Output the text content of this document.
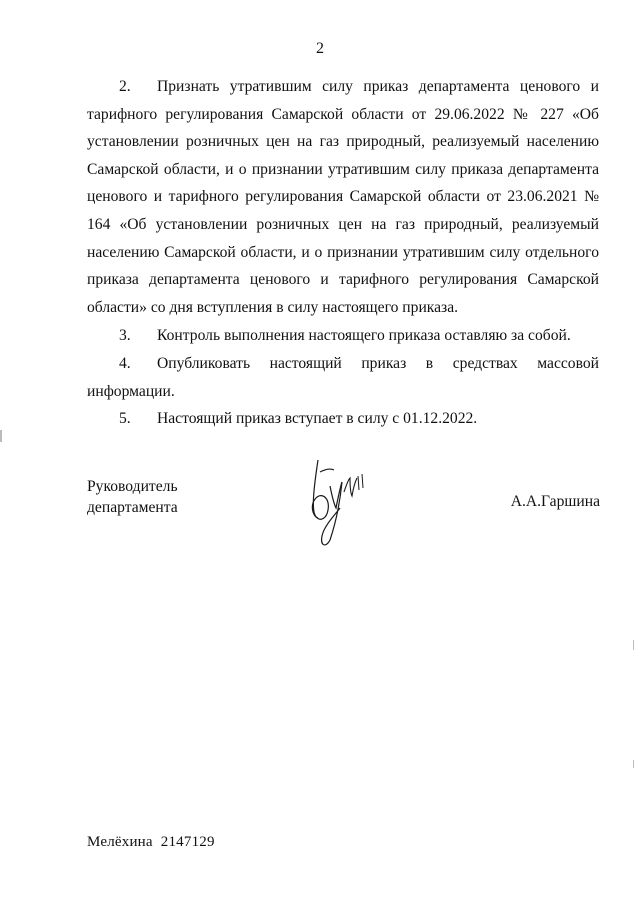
2

2. Признать утратившим силу приказ департамента ценового и тарифного регулирования Самарской области от 29.06.2022 № 227 «Об установлении розничных цен на газ природный, реализуемый населению Самарской области, и о признании утратившим силу приказа департамента ценового и тарифного регулирования Самарской области от 23.06.2021 № 164 «Об установлении розничных цен на газ природный, реализуемый населению Самарской области, и о признании утратившим силу отдельного приказа департамента ценового и тарифного регулирования Самарской области» со дня вступления в силу настоящего приказа.

3. Контроль выполнения настоящего приказа оставляю за собой.

4. Опубликовать настоящий приказ в средствах массовой информации.

5. Настоящий приказ вступает в силу с 01.12.2022.

Руководитель
департамента	А.А.Гаршина
Мелёхина 2147129
